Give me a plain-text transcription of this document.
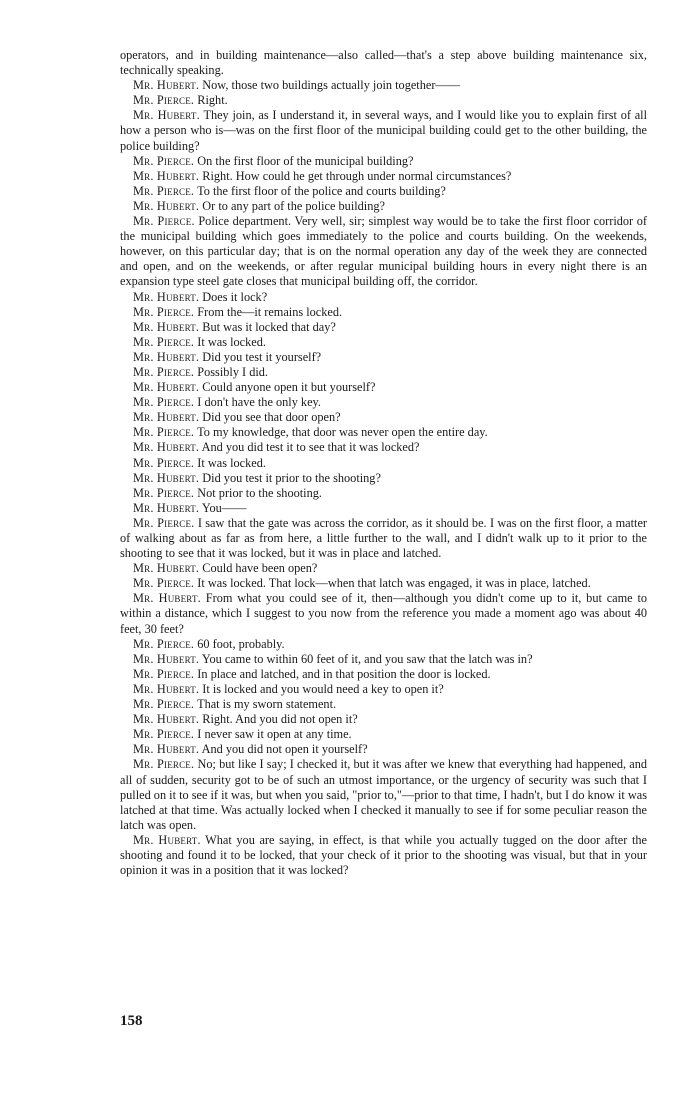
operators, and in building maintenance—also called—that's a step above building maintenance six, technically speaking.

Mr. Hubert. Now, those two buildings actually join together——

Mr. Pierce. Right.

Mr. Hubert. They join, as I understand it, in several ways, and I would like you to explain first of all how a person who is—was on the first floor of the municipal building could get to the other building, the police building?

Mr. Pierce. On the first floor of the municipal building?

Mr. Hubert. Right. How could he get through under normal circumstances?

Mr. Pierce. To the first floor of the police and courts building?

Mr. Hubert. Or to any part of the police building?

Mr. Pierce. Police department. Very well, sir; simplest way would be to take the first floor corridor of the municipal building which goes immediately to the police and courts building. On the weekends, however, on this particular day; that is on the normal operation any day of the week they are connected and open, and on the weekends, or after regular municipal building hours in every night there is an expansion type steel gate closes that municipal building off, the corridor.

Mr. Hubert. Does it lock?

Mr. Pierce. From the—it remains locked.

Mr. Hubert. But was it locked that day?

Mr. Pierce. It was locked.

Mr. Hubert. Did you test it yourself?

Mr. Pierce. Possibly I did.

Mr. Hubert. Could anyone open it but yourself?

Mr. Pierce. I don't have the only key.

Mr. Hubert. Did you see that door open?

Mr. Pierce. To my knowledge, that door was never open the entire day.

Mr. Hubert. And you did test it to see that it was locked?

Mr. Pierce. It was locked.

Mr. Hubert. Did you test it prior to the shooting?

Mr. Pierce. Not prior to the shooting.

Mr. Hubert. You——

Mr. Pierce. I saw that the gate was across the corridor, as it should be. I was on the first floor, a matter of walking about as far as from here, a little further to the wall, and I didn't walk up to it prior to the shooting to see that it was locked, but it was in place and latched.

Mr. Hubert. Could have been open?

Mr. Pierce. It was locked. That lock—when that latch was engaged, it was in place, latched.

Mr. Hubert. From what you could see of it, then—although you didn't come up to it, but came to within a distance, which I suggest to you now from the reference you made a moment ago was about 40 feet, 30 feet?

Mr. Pierce. 60 foot, probably.

Mr. Hubert. You came to within 60 feet of it, and you saw that the latch was in?

Mr. Pierce. In place and latched, and in that position the door is locked.

Mr. Hubert. It is locked and you would need a key to open it?

Mr. Pierce. That is my sworn statement.

Mr. Hubert. Right. And you did not open it?

Mr. Pierce. I never saw it open at any time.

Mr. Hubert. And you did not open it yourself?

Mr. Pierce. No; but like I say; I checked it, but it was after we knew that everything had happened, and all of sudden, security got to be of such an utmost importance, or the urgency of security was such that I pulled on it to see if it was, but when you said, "prior to,"—prior to that time, I hadn't, but I do know it was latched at that time. Was actually locked when I checked it manually to see if for some peculiar reason the latch was open.

Mr. Hubert. What you are saying, in effect, is that while you actually tugged on the door after the shooting and found it to be locked, that your check of it prior to the shooting was visual, but that in your opinion it was in a position that it was locked?

158
